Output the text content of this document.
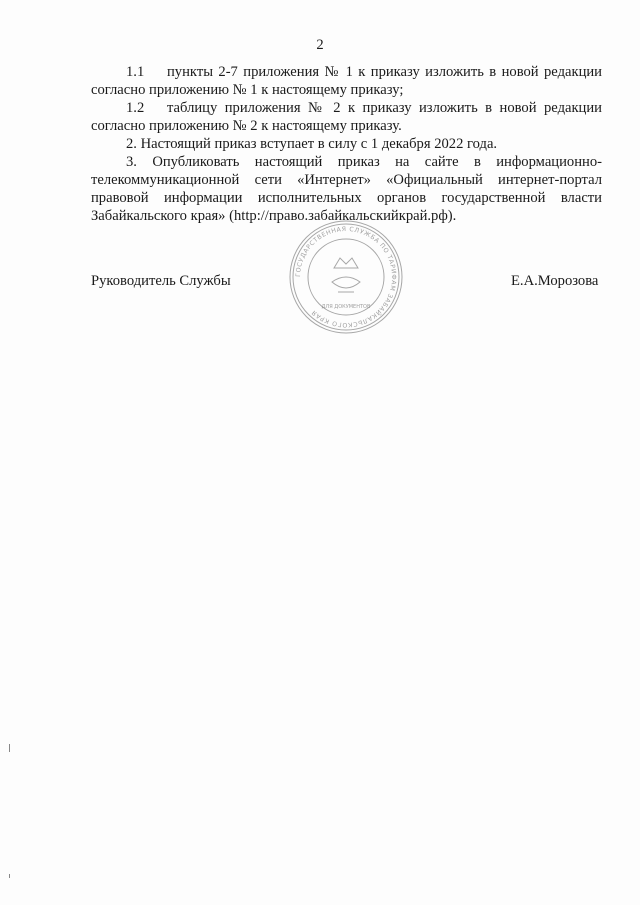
2
1.1 пункты 2-7 приложения № 1 к приказу изложить в новой редакции
согласно приложению № 1 к настоящему приказу;
1.2 таблицу приложения № 2 к приказу изложить в новой редакции
согласно приложению № 2 к настоящему приказу.
2. Настоящий приказ вступает в силу с 1 декабря 2022 года.
3. Опубликовать настоящий приказ на сайте в информационно-
телекоммуникационной сети «Интернет» «Официальный интернет-портал
правовой информации исполнительных органов государственной власти
Забайкальского края» (http://право.забайкальскийкрай.рф).
ГОСУДАРСТВЕННАЯ СЛУЖБА ПО ТАРИФАМ ЗАБАЙКАЛЬСКОГО КРАЯ
ДЛЯ ДОКУМЕНТОВ
Руководитель Службы	Е.А.Морозова
